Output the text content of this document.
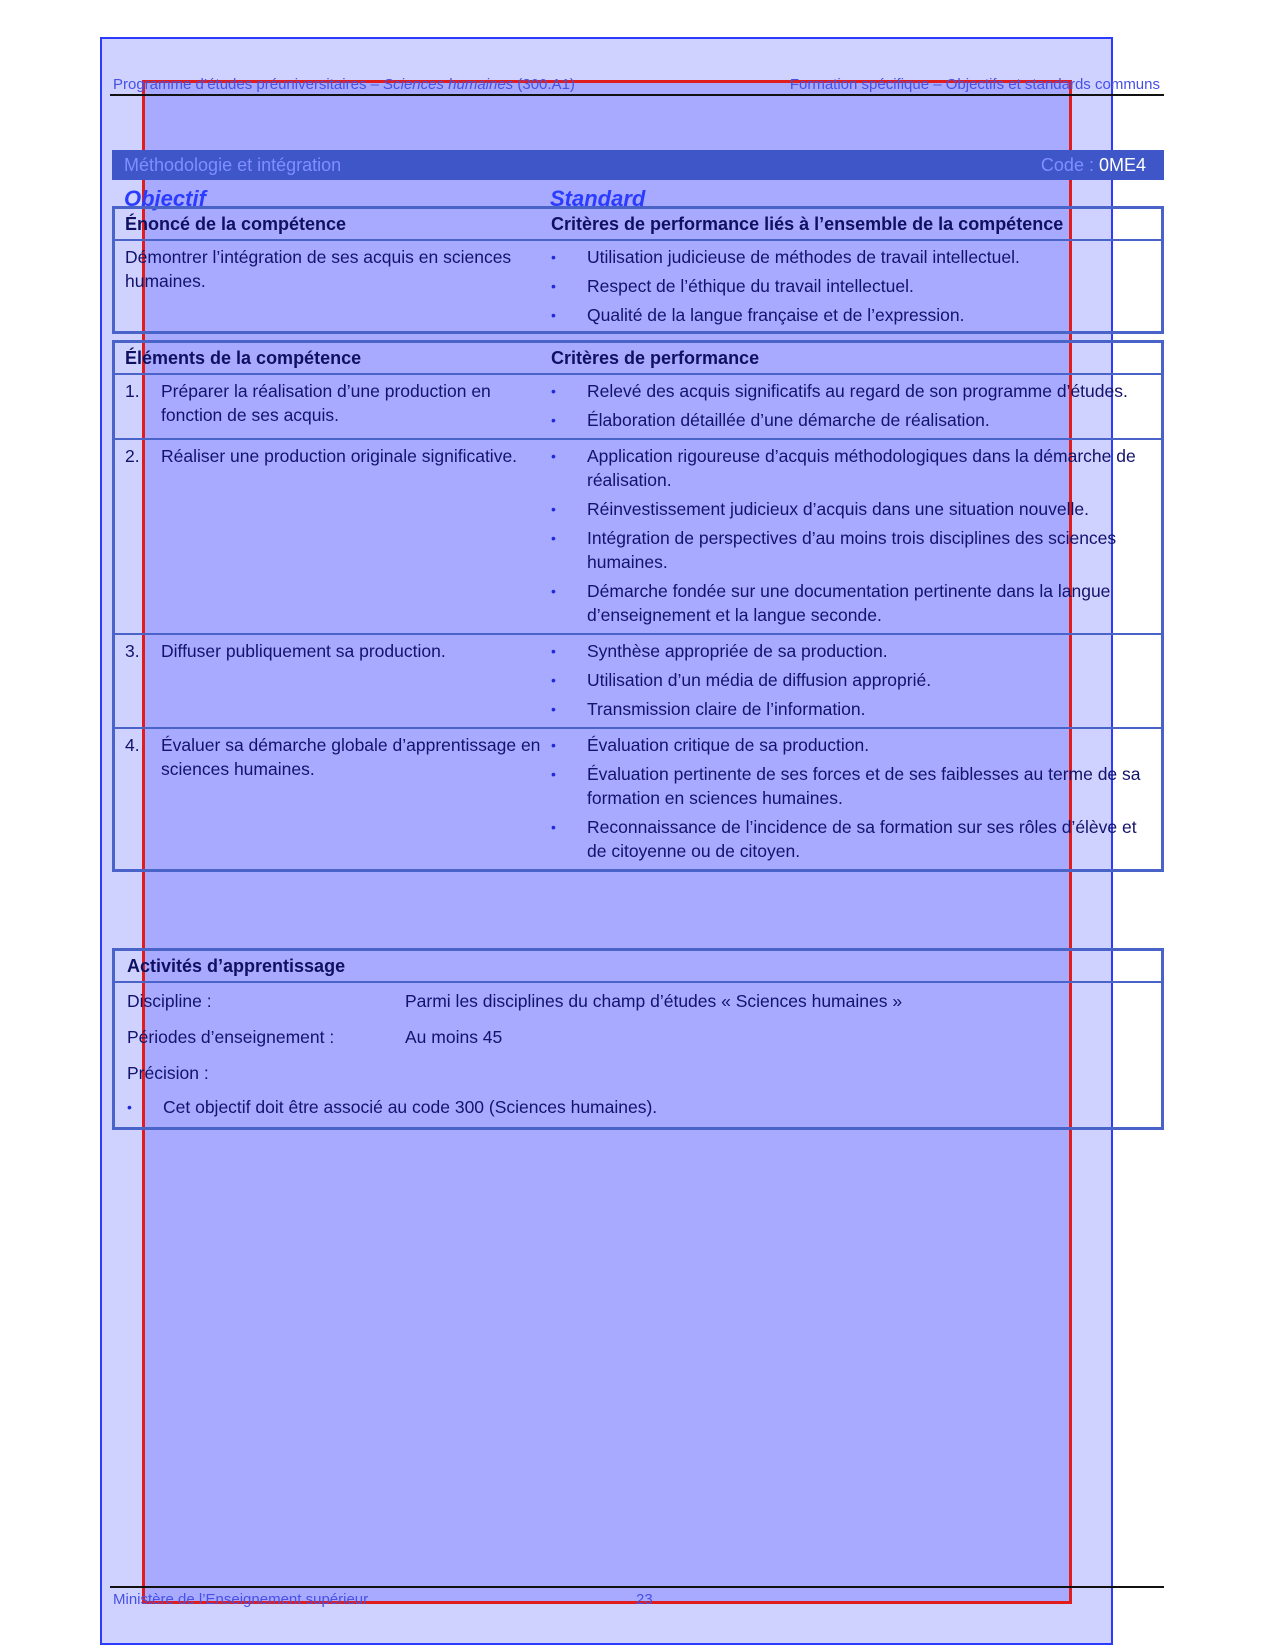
Programme d’études préuniversitaires – Sciences humaines (300.A1)	Formation spécifique – Objectifs et standards communs
Méthodologie et intégration	Code : 0ME4
Objectif	Standard
Énoncé de la compétence	Critères de performance liés à l’ensemble de la compétence
Démontrer l’intégration de ses acquis en sciences humaines.
•	Utilisation judicieuse de méthodes de travail intellectuel.
•	Respect de l’éthique du travail intellectuel.
•	Qualité de la langue française et de l’expression.
Éléments de la compétence	Critères de performance
1.	Préparer la réalisation d’une production en fonction de ses acquis.
•	Relevé des acquis significatifs au regard de son programme d’études.
•	Élaboration détaillée d’une démarche de réalisation.
2.	Réaliser une production originale significative.	•	Application rigoureuse d’acquis méthodologiques dans la démarche de réalisation.
•	Réinvestissement judicieux d’acquis dans une situation nouvelle.
•	Intégration de perspectives d’au moins trois disciplines des sciences humaines.
•	Démarche fondée sur une documentation pertinente dans la langue d’enseignement et la langue seconde.
3.	Diffuser publiquement sa production.	•	Synthèse appropriée de sa production.
•	Utilisation d’un média de diffusion approprié.
•	Transmission claire de l’information.
4.	Évaluer sa démarche globale d’apprentissage en sciences humaines.
•	Évaluation critique de sa production.
•	Évaluation pertinente de ses forces et de ses faiblesses au terme de sa formation en sciences humaines.
•	Reconnaissance de l’incidence de sa formation sur ses rôles d’élève et de citoyenne ou de citoyen.
Activités d’apprentissage
Discipline :	Parmi les disciplines du champ d’études « Sciences humaines »
Périodes d’enseignement :	Au moins 45
Précision :
•	Cet objectif doit être associé au code 300 (Sciences humaines).
Ministère de l’Enseignement supérieur	23
